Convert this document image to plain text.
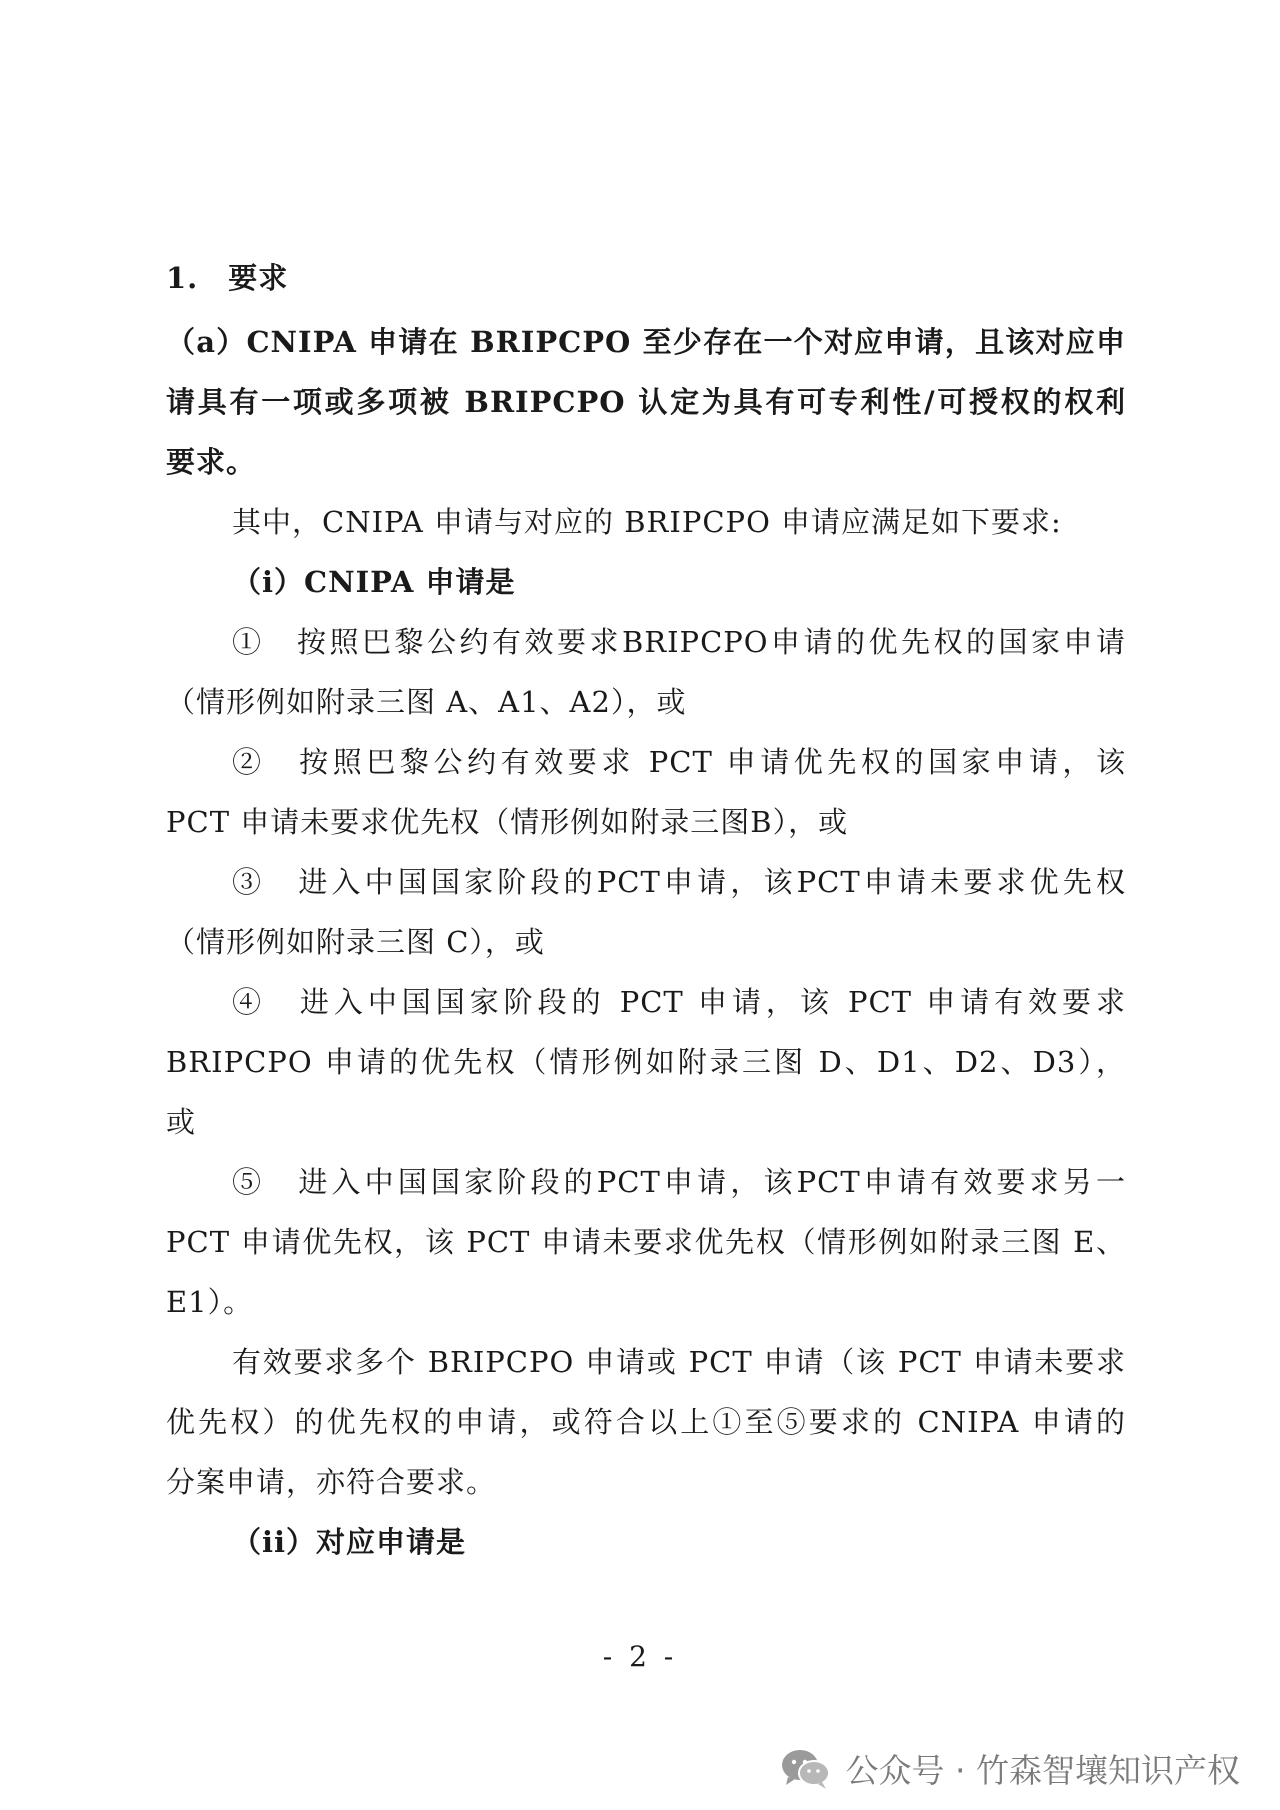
1.　要求
（a）CNIPA 申请在 BRIPCPO 至少存在一个对应申请，且该对应申
请具有一项或多项被 BRIPCPO 认定为具有可专利性/可授权的权利
要求。
其中，CNIPA 申请与对应的 BRIPCPO 申请应满足如下要求:
（i）CNIPA 申请是
①　按照巴黎公约有效要求BRIPCPO申请的优先权的国家申请
（情形例如附录三图 A、A1、A2），或
②　按照巴黎公约有效要求 PCT 申请优先权的国家申请，该
PCT 申请未要求优先权（情形例如附录三图B），或
③　进入中国国家阶段的PCT申请，该PCT申请未要求优先权
（情形例如附录三图 C），或
④　进入中国国家阶段的 PCT 申请，该 PCT 申请有效要求
BRIPCPO 申请的优先权（情形例如附录三图 D、D1、D2、D3），
或
⑤　进入中国国家阶段的PCT申请，该PCT申请有效要求另一
PCT 申请优先权，该 PCT 申请未要求优先权（情形例如附录三图 E、
E1）。
有效要求多个 BRIPCPO 申请或 PCT 申请（该 PCT 申请未要求
优先权）的优先权的申请，或符合以上①至⑤要求的 CNIPA 申请的
分案申请，亦符合要求。
（ii）对应申请是
- 2 -
公众号 · 竹森智壤知识产权
